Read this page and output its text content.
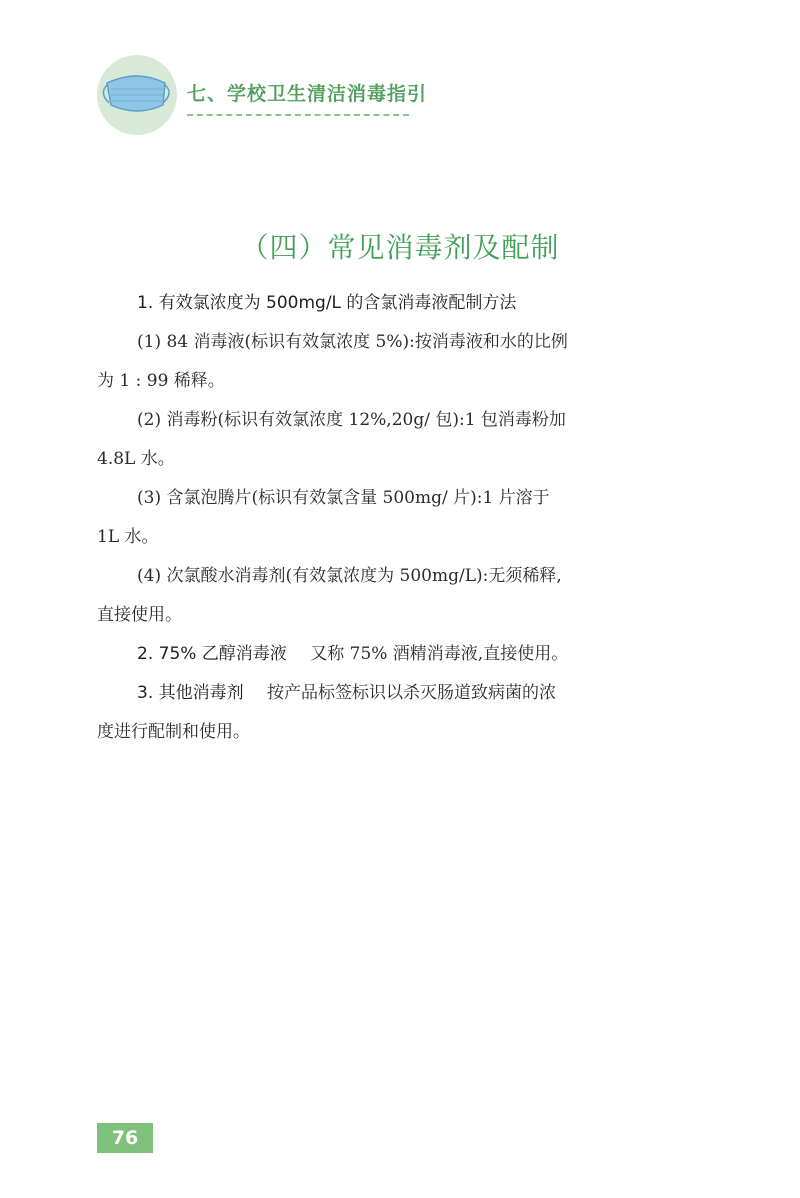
七、学校卫生清洁消毒指引
（四）常见消毒剂及配制
1. 有效氯浓度为 500mg/L 的含氯消毒液配制方法
(1) 84 消毒液(标识有效氯浓度 5%):按消毒液和水的比例
为 1 : 99 稀释。
(2) 消毒粉(标识有效氯浓度 12%,20g/ 包):1 包消毒粉加
4.8L 水。
(3) 含氯泡腾片(标识有效氯含量 500mg/ 片):1 片溶于
1L 水。
(4) 次氯酸水消毒剂(有效氯浓度为 500mg/L):无须稀释,
直接使用。
2. 75% 乙醇消毒液 又称 75% 酒精消毒液,直接使用。
3. 其他消毒剂 按产品标签标识以杀灭肠道致病菌的浓
度进行配制和使用。
76
